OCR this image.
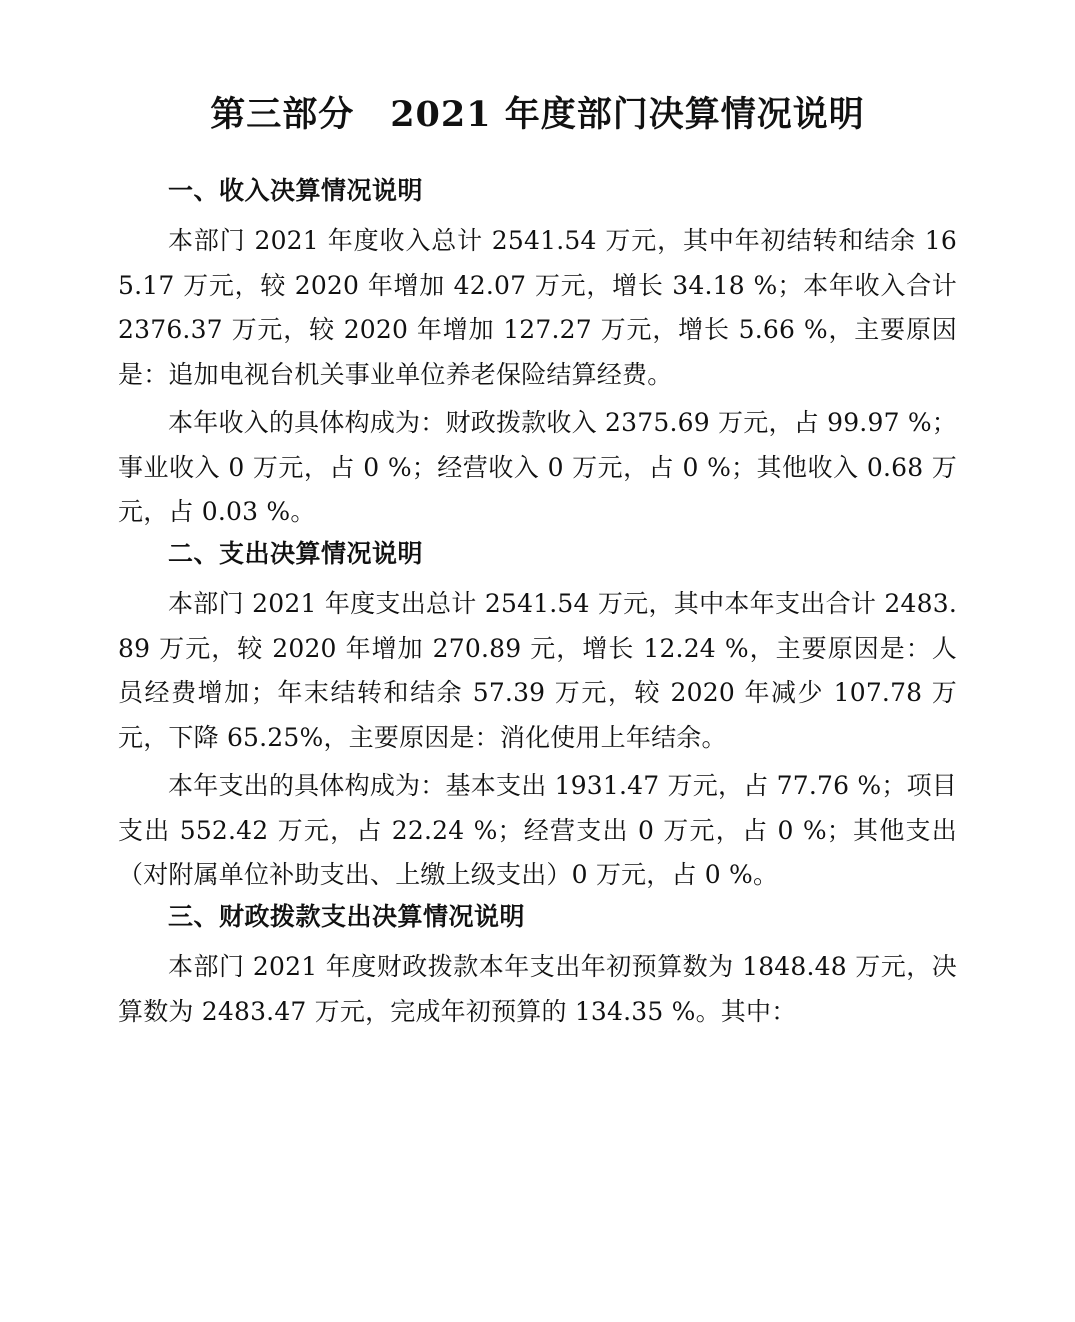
第三部分　2021 年度部门决算情况说明
一、收入决算情况说明

本部门 2021 年度收入总计 2541.54 万元，其中年初结转和结余 165.17 万元，较 2020 年增加 42.07 万元，增长 34.18 %；本年收入合计 2376.37 万元，较 2020 年增加 127.27 万元，增长 5.66 %，主要原因是：追加电视台机关事业单位养老保险结算经费。

本年收入的具体构成为：财政拨款收入 2375.69 万元，占 99.97 %；事业收入 0 万元，占 0 %；经营收入 0 万元，占 0 %；其他收入 0.68 万元，占 0.03 %。

二、支出决算情况说明

本部门 2021 年度支出总计 2541.54 万元，其中本年支出合计 2483.89 万元，较 2020 年增加 270.89 元，增长 12.24 %，主要原因是：人员经费增加；年末结转和结余 57.39 万元，较 2020 年减少 107.78 万元，下降 65.25%，主要原因是：消化使用上年结余。

本年支出的具体构成为：基本支出 1931.47 万元，占 77.76 %；项目支出 552.42 万元，占 22.24 %；经营支出 0 万元，占 0 %；其他支出（对附属单位补助支出、上缴上级支出）0 万元，占 0 %。

三、财政拨款支出决算情况说明

本部门 2021 年度财政拨款本年支出年初预算数为 1848.48 万元，决算数为 2483.47 万元，完成年初预算的 134.35 %。其中：
